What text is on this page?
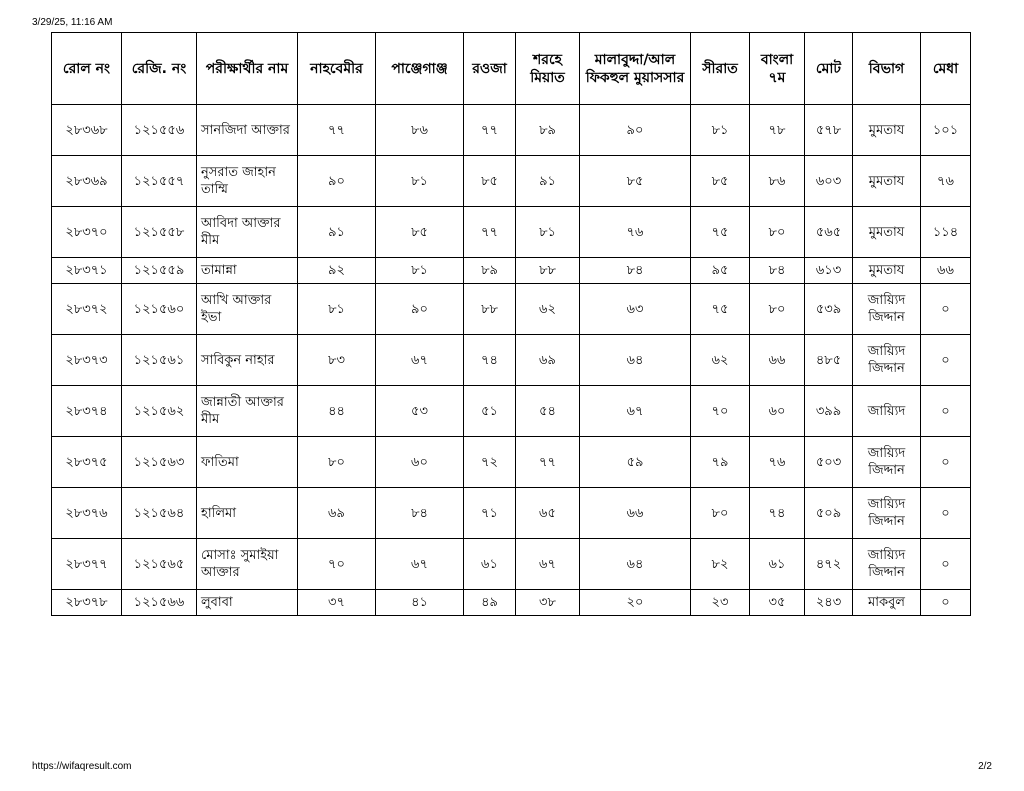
3/29/25, 11:16 AM
রোল নং	রেজি. নং	পরীক্ষার্থীর নাম	নাহবেমীর	পাঞ্জেগাঞ্জ	রওজা	শরহে মিয়াত	মালাবুদ্দা/আল ফিকহুল মুয়াসসার	সীরাত	বাংলা ৭ম	মোট	বিভাগ	মেধা
২৮৩৬৮	১২১৫৫৬	সানজিদা আক্তার	৭৭	৮৬	৭৭	৮৯	৯০	৮১	৭৮	৫৭৮	মুমতায	১০১
২৮৩৬৯	১২১৫৫৭	নুসরাত জাহান তাম্মি	৯০	৮১	৮৫	৯১	৮৫	৮৫	৮৬	৬০৩	মুমতায	৭৬
২৮৩৭০	১২১৫৫৮	আবিদা আক্তার মীম	৯১	৮৫	৭৭	৮১	৭৬	৭৫	৮০	৫৬৫	মুমতায	১১৪
২৮৩৭১	১২১৫৫৯	তামান্না	৯২	৮১	৮৯	৮৮	৮৪	৯৫	৮৪	৬১৩	মুমতায	৬৬
২৮৩৭২	১২১৫৬০	আখি আক্তার ইভা	৮১	৯০	৮৮	৬২	৬৩	৭৫	৮০	৫৩৯	জায়্যিদ জিদ্দান	০
২৮৩৭৩	১২১৫৬১	সাবিকুন নাহার	৮৩	৬৭	৭৪	৬৯	৬৪	৬২	৬৬	৪৮৫	জায়্যিদ জিদ্দান	০
২৮৩৭৪	১২১৫৬২	জান্নাতী আক্তার মীম	৪৪	৫৩	৫১	৫৪	৬৭	৭০	৬০	৩৯৯	জায়্যিদ	০
২৮৩৭৫	১২১৫৬৩	ফাতিমা	৮০	৬০	৭২	৭৭	৫৯	৭৯	৭৬	৫০৩	জায়্যিদ জিদ্দান	০
২৮৩৭৬	১২১৫৬৪	হালিমা	৬৯	৮৪	৭১	৬৫	৬৬	৮০	৭৪	৫০৯	জায়্যিদ জিদ্দান	০
২৮৩৭৭	১২১৫৬৫	মোসাঃ সুমাইয়া আক্তার	৭০	৬৭	৬১	৬৭	৬৪	৮২	৬১	৪৭২	জায়্যিদ জিদ্দান	০
২৮৩৭৮	১২১৫৬৬	লুবাবা	৩৭	৪১	৪৯	৩৮	২০	২৩	৩৫	২৪৩	মাকবুল	০
https://wifaqresult.com	2/2
